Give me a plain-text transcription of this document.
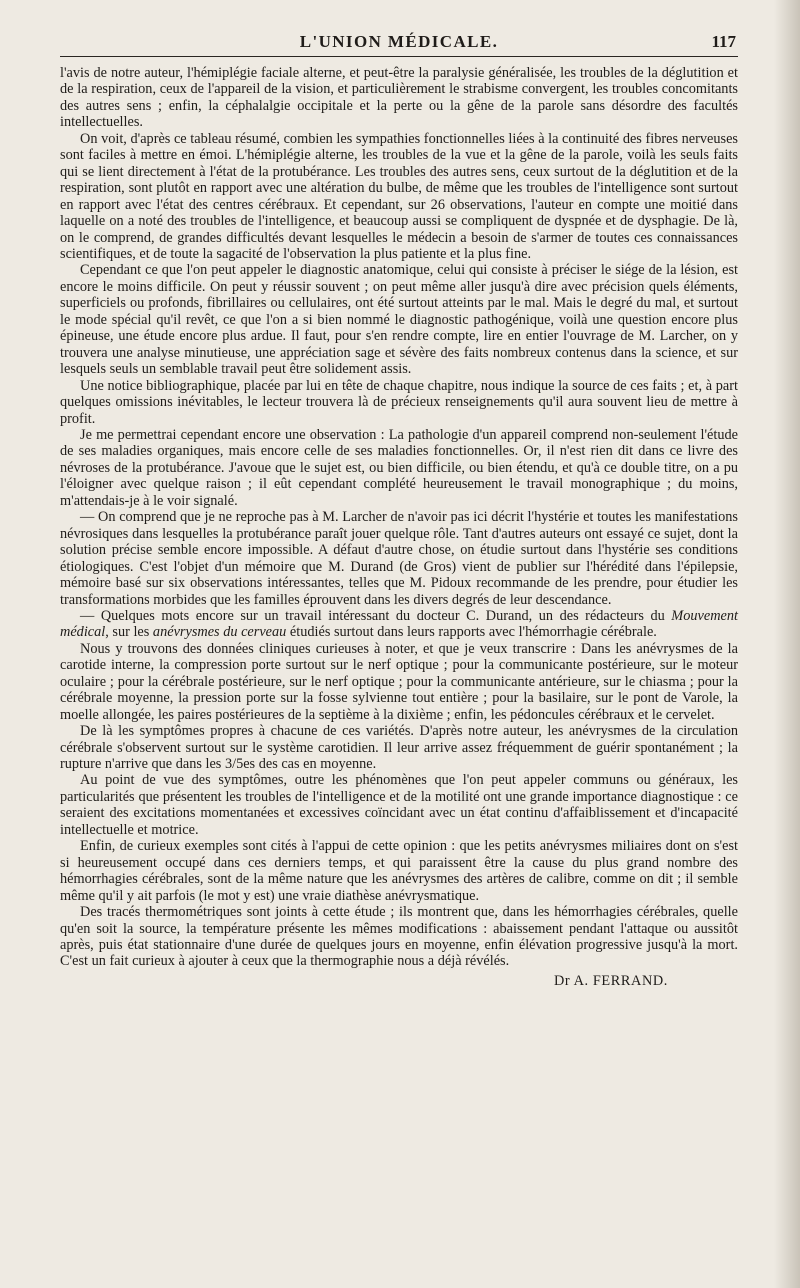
L'UNION MÉDICALE.	117

l'avis de notre auteur, l'hémiplégie faciale alterne, et peut-être la paralysie généralisée, les troubles de la déglutition et de la respiration, ceux de l'appareil de la vision, et particulièrement le strabisme convergent, les troubles concomitants des autres sens ; enfin, la céphalalgie occipitale et la perte ou la gêne de la parole sans désordre des facultés intellectuelles.

On voit, d'après ce tableau résumé, combien les sympathies fonctionnelles liées à la continuité des fibres nerveuses sont faciles à mettre en émoi. L'hémiplégie alterne, les troubles de la vue et la gêne de la parole, voilà les seuls faits qui se lient directement à l'état de la protubérance. Les troubles des autres sens, ceux surtout de la déglutition et de la respiration, sont plutôt en rapport avec une altération du bulbe, de même que les troubles de l'intelligence sont surtout en rapport avec l'état des centres cérébraux. Et cependant, sur 26 observations, l'auteur en compte une moitié dans laquelle on a noté des troubles de l'intelligence, et beaucoup aussi se compliquent de dyspnée et de dysphagie. De là, on le comprend, de grandes difficultés devant lesquelles le médecin a besoin de s'armer de toutes ces connaissances scientifiques, et de toute la sagacité de l'observation la plus patiente et la plus fine.

Cependant ce que l'on peut appeler le diagnostic anatomique, celui qui consiste à préciser le siége de la lésion, est encore le moins difficile. On peut y réussir souvent ; on peut même aller jusqu'à dire avec précision quels éléments, superficiels ou profonds, fibrillaires ou cellulaires, ont été surtout atteints par le mal. Mais le degré du mal, et surtout le mode spécial qu'il revêt, ce que l'on a si bien nommé le diagnostic pathogénique, voilà une question encore plus épineuse, une étude encore plus ardue. Il faut, pour s'en rendre compte, lire en entier l'ouvrage de M. Larcher, on y trouvera une analyse minutieuse, une appréciation sage et sévère des faits nombreux contenus dans la science, et sur lesquels seuls un semblable travail peut être solidement assis.

Une notice bibliographique, placée par lui en tête de chaque chapitre, nous indique la source de ces faits ; et, à part quelques omissions inévitables, le lecteur trouvera là de précieux renseignements qu'il aura souvent lieu de mettre à profit.

Je me permettrai cependant encore une observation : La pathologie d'un appareil comprend non-seulement l'étude de ses maladies organiques, mais encore celle de ses maladies fonctionnelles. Or, il n'est rien dit dans ce livre des névroses de la protubérance. J'avoue que le sujet est, ou bien difficile, ou bien étendu, et qu'à ce double titre, on a pu l'éloigner avec quelque raison ; il eût cependant complété heureusement le travail monographique ; du moins, m'attendais-je à le voir signalé.

— On comprend que je ne reproche pas à M. Larcher de n'avoir pas ici décrit l'hystérie et toutes les manifestations névrosiques dans lesquelles la protubérance paraît jouer quelque rôle. Tant d'autres auteurs ont essayé ce sujet, dont la solution précise semble encore impossible. A défaut d'autre chose, on étudie surtout dans l'hystérie ses conditions étiologiques. C'est l'objet d'un mémoire que M. Durand (de Gros) vient de publier sur l'hérédité dans l'épilepsie, mémoire basé sur six observations intéressantes, telles que M. Pidoux recommande de les prendre, pour étudier les transformations morbides que les familles éprouvent dans les divers degrés de leur descendance.

— Quelques mots encore sur un travail intéressant du docteur C. Durand, un des rédacteurs du Mouvement médical, sur les anévrysmes du cerveau étudiés surtout dans leurs rapports avec l'hémorrhagie cérébrale.

Nous y trouvons des données cliniques curieuses à noter, et que je veux transcrire : Dans les anévrysmes de la carotide interne, la compression porte surtout sur le nerf optique ; pour la communicante postérieure, sur le moteur oculaire ; pour la cérébrale postérieure, sur le nerf optique ; pour la communicante antérieure, sur le chiasma ; pour la cérébrale moyenne, la pression porte sur la fosse sylvienne tout entière ; pour la basilaire, sur le pont de Varole, la moelle allongée, les paires postérieures de la septième à la dixième ; enfin, les pédoncules cérébraux et le cervelet.

De là les symptômes propres à chacune de ces variétés. D'après notre auteur, les anévrysmes de la circulation cérébrale s'observent surtout sur le système carotidien. Il leur arrive assez fréquemment de guérir spontanément ; la rupture n'arrive que dans les 3/5es des cas en moyenne.

Au point de vue des symptômes, outre les phénomènes que l'on peut appeler communs ou généraux, les particularités que présentent les troubles de l'intelligence et de la motilité ont une grande importance diagnostique : ce seraient des excitations momentanées et excessives coïncidant avec un état continu d'affaiblissement et d'incapacité intellectuelle et motrice.

Enfin, de curieux exemples sont cités à l'appui de cette opinion : que les petits anévrysmes miliaires dont on s'est si heureusement occupé dans ces derniers temps, et qui paraissent être la cause du plus grand nombre des hémorrhagies cérébrales, sont de la même nature que les anévrysmes des artères de calibre, comme on dit ; il semble même qu'il y ait parfois (le mot y est) une vraie diathèse anévrysmatique.

Des tracés thermométriques sont joints à cette étude ; ils montrent que, dans les hémorrhagies cérébrales, quelle qu'en soit la source, la température présente les mêmes modifications : abaissement pendant l'attaque ou aussitôt après, puis état stationnaire d'une durée de quelques jours en moyenne, enfin élévation progressive jusqu'à la mort. C'est un fait curieux à ajouter à ceux que la thermographie nous a déjà révélés.

Dr A. FERRAND.
